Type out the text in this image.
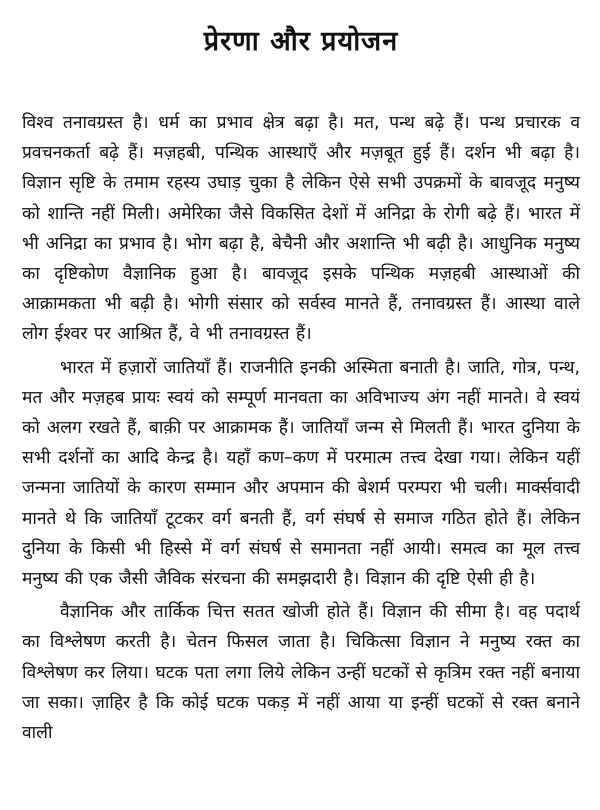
प्रेरणा और प्रयोजन

विश्व तनावग्रस्त है। धर्म का प्रभाव क्षेत्र बढ़ा है। मत, पन्थ बढ़े हैं। पन्थ प्रचारक व प्रवचनकर्ता बढ़े हैं। मज़हबी, पन्थिक आस्थाएँ और मज़बूत हुई हैं। दर्शन भी बढ़ा है। विज्ञान सृष्टि के तमाम रहस्य उघाड़ चुका है लेकिन ऐसे सभी उपक्रमों के बावजूद मनुष्य को शान्ति नहीं मिली। अमेरिका जैसे विकसित देशों में अनिद्रा के रोगी बढ़े हैं। भारत में भी अनिद्रा का प्रभाव है। भोग बढ़ा है, बेचैनी और अशान्ति भी बढ़ी है। आधुनिक मनुष्य का दृष्टिकोण वैज्ञानिक हुआ है। बावजूद इसके पन्थिक मज़हबी आस्थाओं की आक्रामकता भी बढ़ी है। भोगी संसार को सर्वस्व मानते हैं, तनावग्रस्त हैं। आस्था वाले लोग ईश्वर पर आश्रित हैं, वे भी तनावग्रस्त हैं।

भारत में हज़ारों जातियाँ हैं। राजनीति इनकी अस्मिता बनाती है। जाति, गोत्र, पन्थ, मत और मज़हब प्रायः स्वयं को सम्पूर्ण मानवता का अविभाज्य अंग नहीं मानते। वे स्वयं को अलग रखते हैं, बाक़ी पर आक्रामक हैं। जातियाँ जन्म से मिलती हैं। भारत दुनिया के सभी दर्शनों का आदि केन्द्र है। यहाँ कण–कण में परमात्म तत्त्व देखा गया। लेकिन यहीं जन्मना जातियों के कारण सम्मान और अपमान की बेशर्म परम्परा भी चली। मार्क्सवादी मानते थे कि जातियाँ टूटकर वर्ग बनती हैं, वर्ग संघर्ष से समाज गठित होते हैं। लेकिन दुनिया के किसी भी हिस्से में वर्ग संघर्ष से समानता नहीं आयी। समत्व का मूल तत्त्व मनुष्य की एक जैसी जैविक संरचना की समझदारी है। विज्ञान की दृष्टि ऐसी ही है।

वैज्ञानिक और तार्किक चित्त सतत खोजी होते हैं। विज्ञान की सीमा है। वह पदार्थ का विश्लेषण करती है। चेतन फिसल जाता है। चिकित्सा विज्ञान ने मनुष्य रक्त का विश्लेषण कर लिया। घटक पता लगा लिये लेकिन उन्हीं घटकों से कृत्रिम रक्त नहीं बनाया जा सका। ज़ाहिर है कि कोई घटक पकड़ में नहीं आया या इन्हीं घटकों से रक्त बनाने वाली
